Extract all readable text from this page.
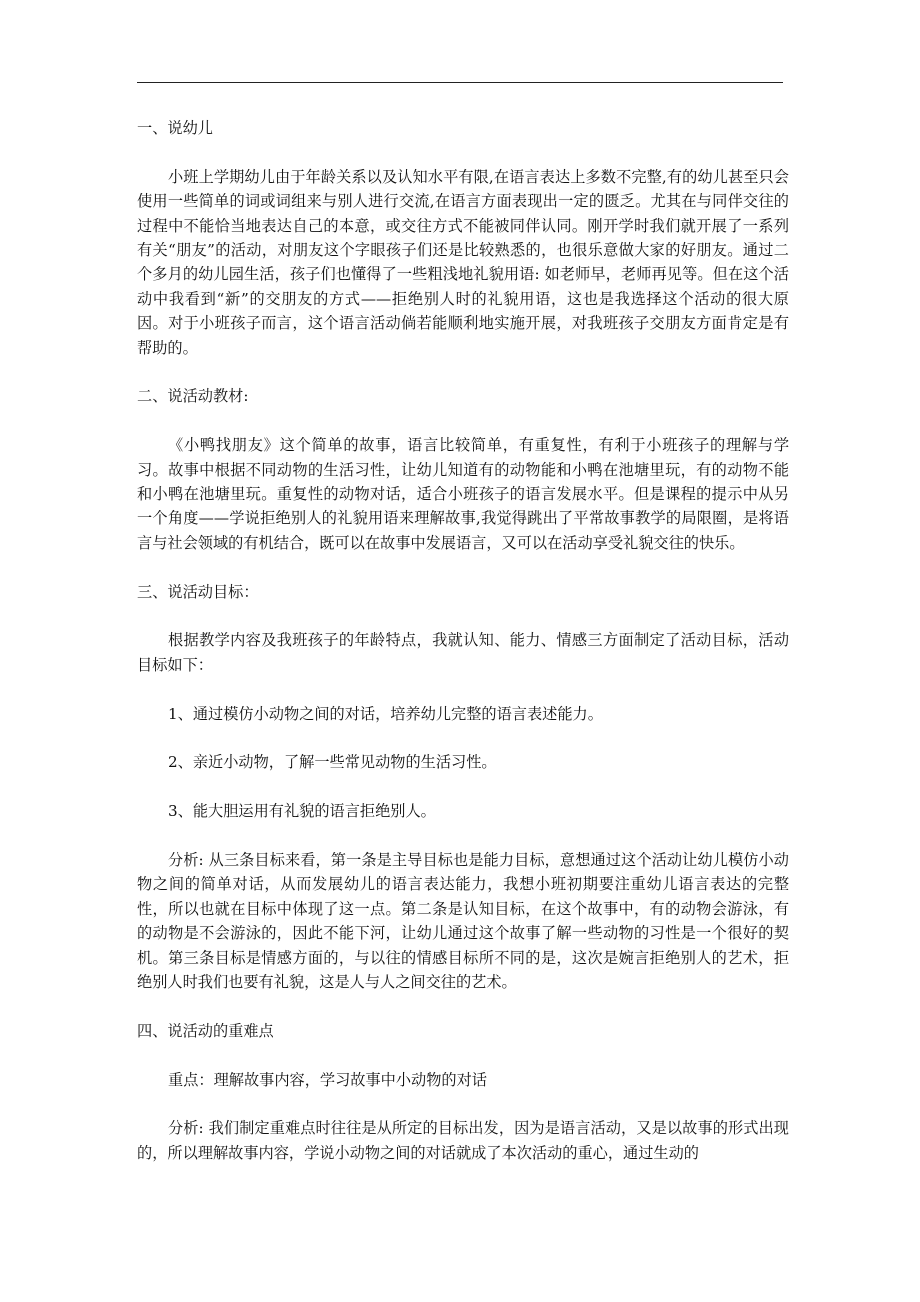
一、说幼儿

小班上学期幼儿由于年龄关系以及认知水平有限,在语言表达上多数不完整,有的幼儿甚至只会使用一些简单的词或词组来与别人进行交流,在语言方面表现出一定的匮乏。尤其在与同伴交往的过程中不能恰当地表达自己的本意，或交往方式不能被同伴认同。刚开学时我们就开展了一系列有关“朋友”的活动，对朋友这个字眼孩子们还是比较熟悉的，也很乐意做大家的好朋友。通过二个多月的幼儿园生活，孩子们也懂得了一些粗浅地礼貌用语: 如老师早，老师再见等。但在这个活动中我看到“新”的交朋友的方式——拒绝别人时的礼貌用语，这也是我选择这个活动的很大原因。对于小班孩子而言，这个语言活动倘若能顺利地实施开展，对我班孩子交朋友方面肯定是有帮助的。

二、说活动教材:

《小鸭找朋友》这个简单的故事，语言比较简单，有重复性，有利于小班孩子的理解与学习。故事中根据不同动物的生活习性，让幼儿知道有的动物能和小鸭在池塘里玩，有的动物不能和小鸭在池塘里玩。重复性的动物对话，适合小班孩子的语言发展水平。但是课程的提示中从另一个角度——学说拒绝别人的礼貌用语来理解故事,我觉得跳出了平常故事教学的局限圈，是将语言与社会领域的有机结合，既可以在故事中发展语言，又可以在活动享受礼貌交往的快乐。

三、说活动目标：

根据教学内容及我班孩子的年龄特点，我就认知、能力、情感三方面制定了活动目标，活动目标如下：

1、通过模仿小动物之间的对话，培养幼儿完整的语言表述能力。

2、亲近小动物，了解一些常见动物的生活习性。

3、能大胆运用有礼貌的语言拒绝别人。

分析: 从三条目标来看，第一条是主导目标也是能力目标，意想通过这个活动让幼儿模仿小动物之间的简单对话，从而发展幼儿的语言表达能力，我想小班初期要注重幼儿语言表达的完整性，所以也就在目标中体现了这一点。第二条是认知目标，在这个故事中，有的动物会游泳，有的动物是不会游泳的，因此不能下河，让幼儿通过这个故事了解一些动物的习性是一个很好的契机。第三条目标是情感方面的，与以往的情感目标所不同的是，这次是婉言拒绝别人的艺术，拒绝别人时我们也要有礼貌，这是人与人之间交往的艺术。

四、说活动的重难点

重点：理解故事内容，学习故事中小动物的对话

分析: 我们制定重难点时往往是从所定的目标出发，因为是语言活动，又是以故事的形式出现的，所以理解故事内容，学说小动物之间的对话就成了本次活动的重心，通过生动的
